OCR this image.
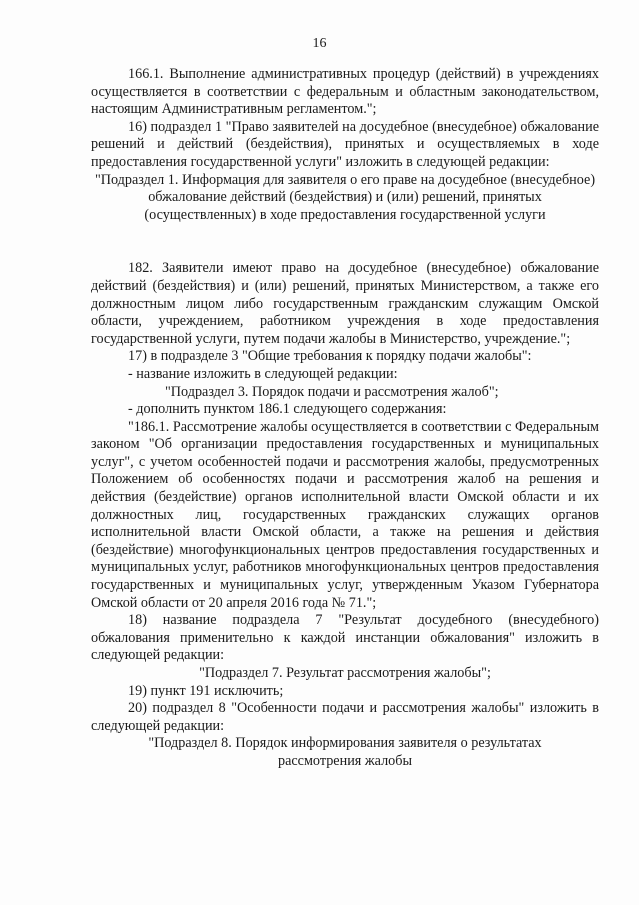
16

166.1. Выполнение административных процедур (действий) в учреждениях осуществляется в соответствии с федеральным и областным законодательством, настоящим Административным регламентом.";

16) подраздел 1 "Право заявителей на досудебное (внесудебное) обжалование решений и действий (бездействия), принятых и осуществляемых в ходе предоставления государственной услуги" изложить в следующей редакции:

"Подраздел 1. Информация для заявителя о его праве на досудебное (внесудебное) обжалование действий (бездействия) и (или) решений, принятых (осуществленных) в ходе предоставления государственной услуги

182. Заявители имеют право на досудебное (внесудебное) обжалование действий (бездействия) и (или) решений, принятых Министерством, а также его должностным лицом либо государственным гражданским служащим Омской области, учреждением, работником учреждения в ходе предоставления государственной услуги, путем подачи жалобы в Министерство, учреждение.";

17) в подразделе 3 "Общие требования к порядку подачи жалобы":

- название изложить в следующей редакции:

"Подраздел 3. Порядок подачи и рассмотрения жалоб";

- дополнить пунктом 186.1 следующего содержания:

"186.1. Рассмотрение жалобы осуществляется в соответствии с Федеральным законом "Об организации предоставления государственных и муниципальных услуг", с учетом особенностей подачи и рассмотрения жалобы, предусмотренных Положением об особенностях подачи и рассмотрения жалоб на решения и действия (бездействие) органов исполнительной власти Омской области и их должностных лиц, государственных гражданских служащих органов исполнительной власти Омской области, а также на решения и действия (бездействие) многофункциональных центров предоставления государственных и муниципальных услуг, работников многофункциональных центров предоставления государственных и муниципальных услуг, утвержденным Указом Губернатора Омской области от 20 апреля 2016 года № 71.";

18) название подраздела 7 "Результат досудебного (внесудебного) обжалования применительно к каждой инстанции обжалования" изложить в следующей редакции:

"Подраздел 7. Результат рассмотрения жалобы";

19) пункт 191 исключить;

20) подраздел 8 "Особенности подачи и рассмотрения жалобы" изложить в следующей редакции:

"Подраздел 8. Порядок информирования заявителя о результатах рассмотрения жалобы
